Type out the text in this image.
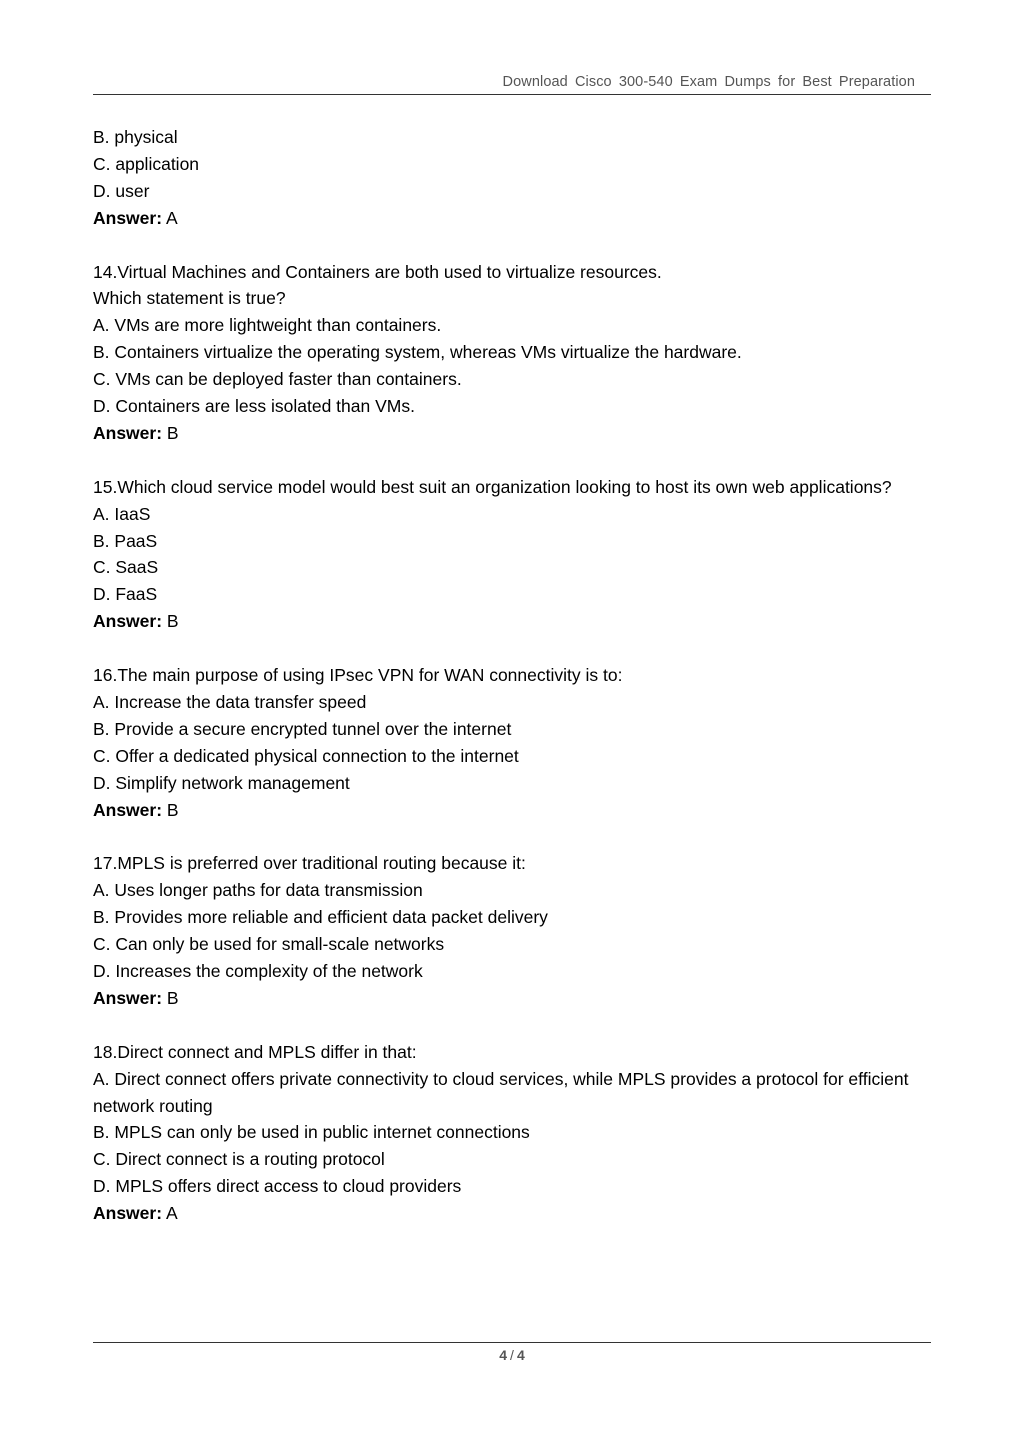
Download Cisco 300-540 Exam Dumps for Best Preparation
B. physical
C. application
D. user
Answer: A
14.Virtual Machines and Containers are both used to virtualize resources.
Which statement is true?
A. VMs are more lightweight than containers.
B. Containers virtualize the operating system, whereas VMs virtualize the hardware.
C. VMs can be deployed faster than containers.
D. Containers are less isolated than VMs.
Answer: B
15.Which cloud service model would best suit an organization looking to host its own web applications?
A. IaaS
B. PaaS
C. SaaS
D. FaaS
Answer: B
16.The main purpose of using IPsec VPN for WAN connectivity is to:
A. Increase the data transfer speed
B. Provide a secure encrypted tunnel over the internet
C. Offer a dedicated physical connection to the internet
D. Simplify network management
Answer: B
17.MPLS is preferred over traditional routing because it:
A. Uses longer paths for data transmission
B. Provides more reliable and efficient data packet delivery
C. Can only be used for small-scale networks
D. Increases the complexity of the network
Answer: B
18.Direct connect and MPLS differ in that:
A. Direct connect offers private connectivity to cloud services, while MPLS provides a protocol for efficient network routing
B. MPLS can only be used in public internet connections
C. Direct connect is a routing protocol
D. MPLS offers direct access to cloud providers
Answer: A
4 / 4
